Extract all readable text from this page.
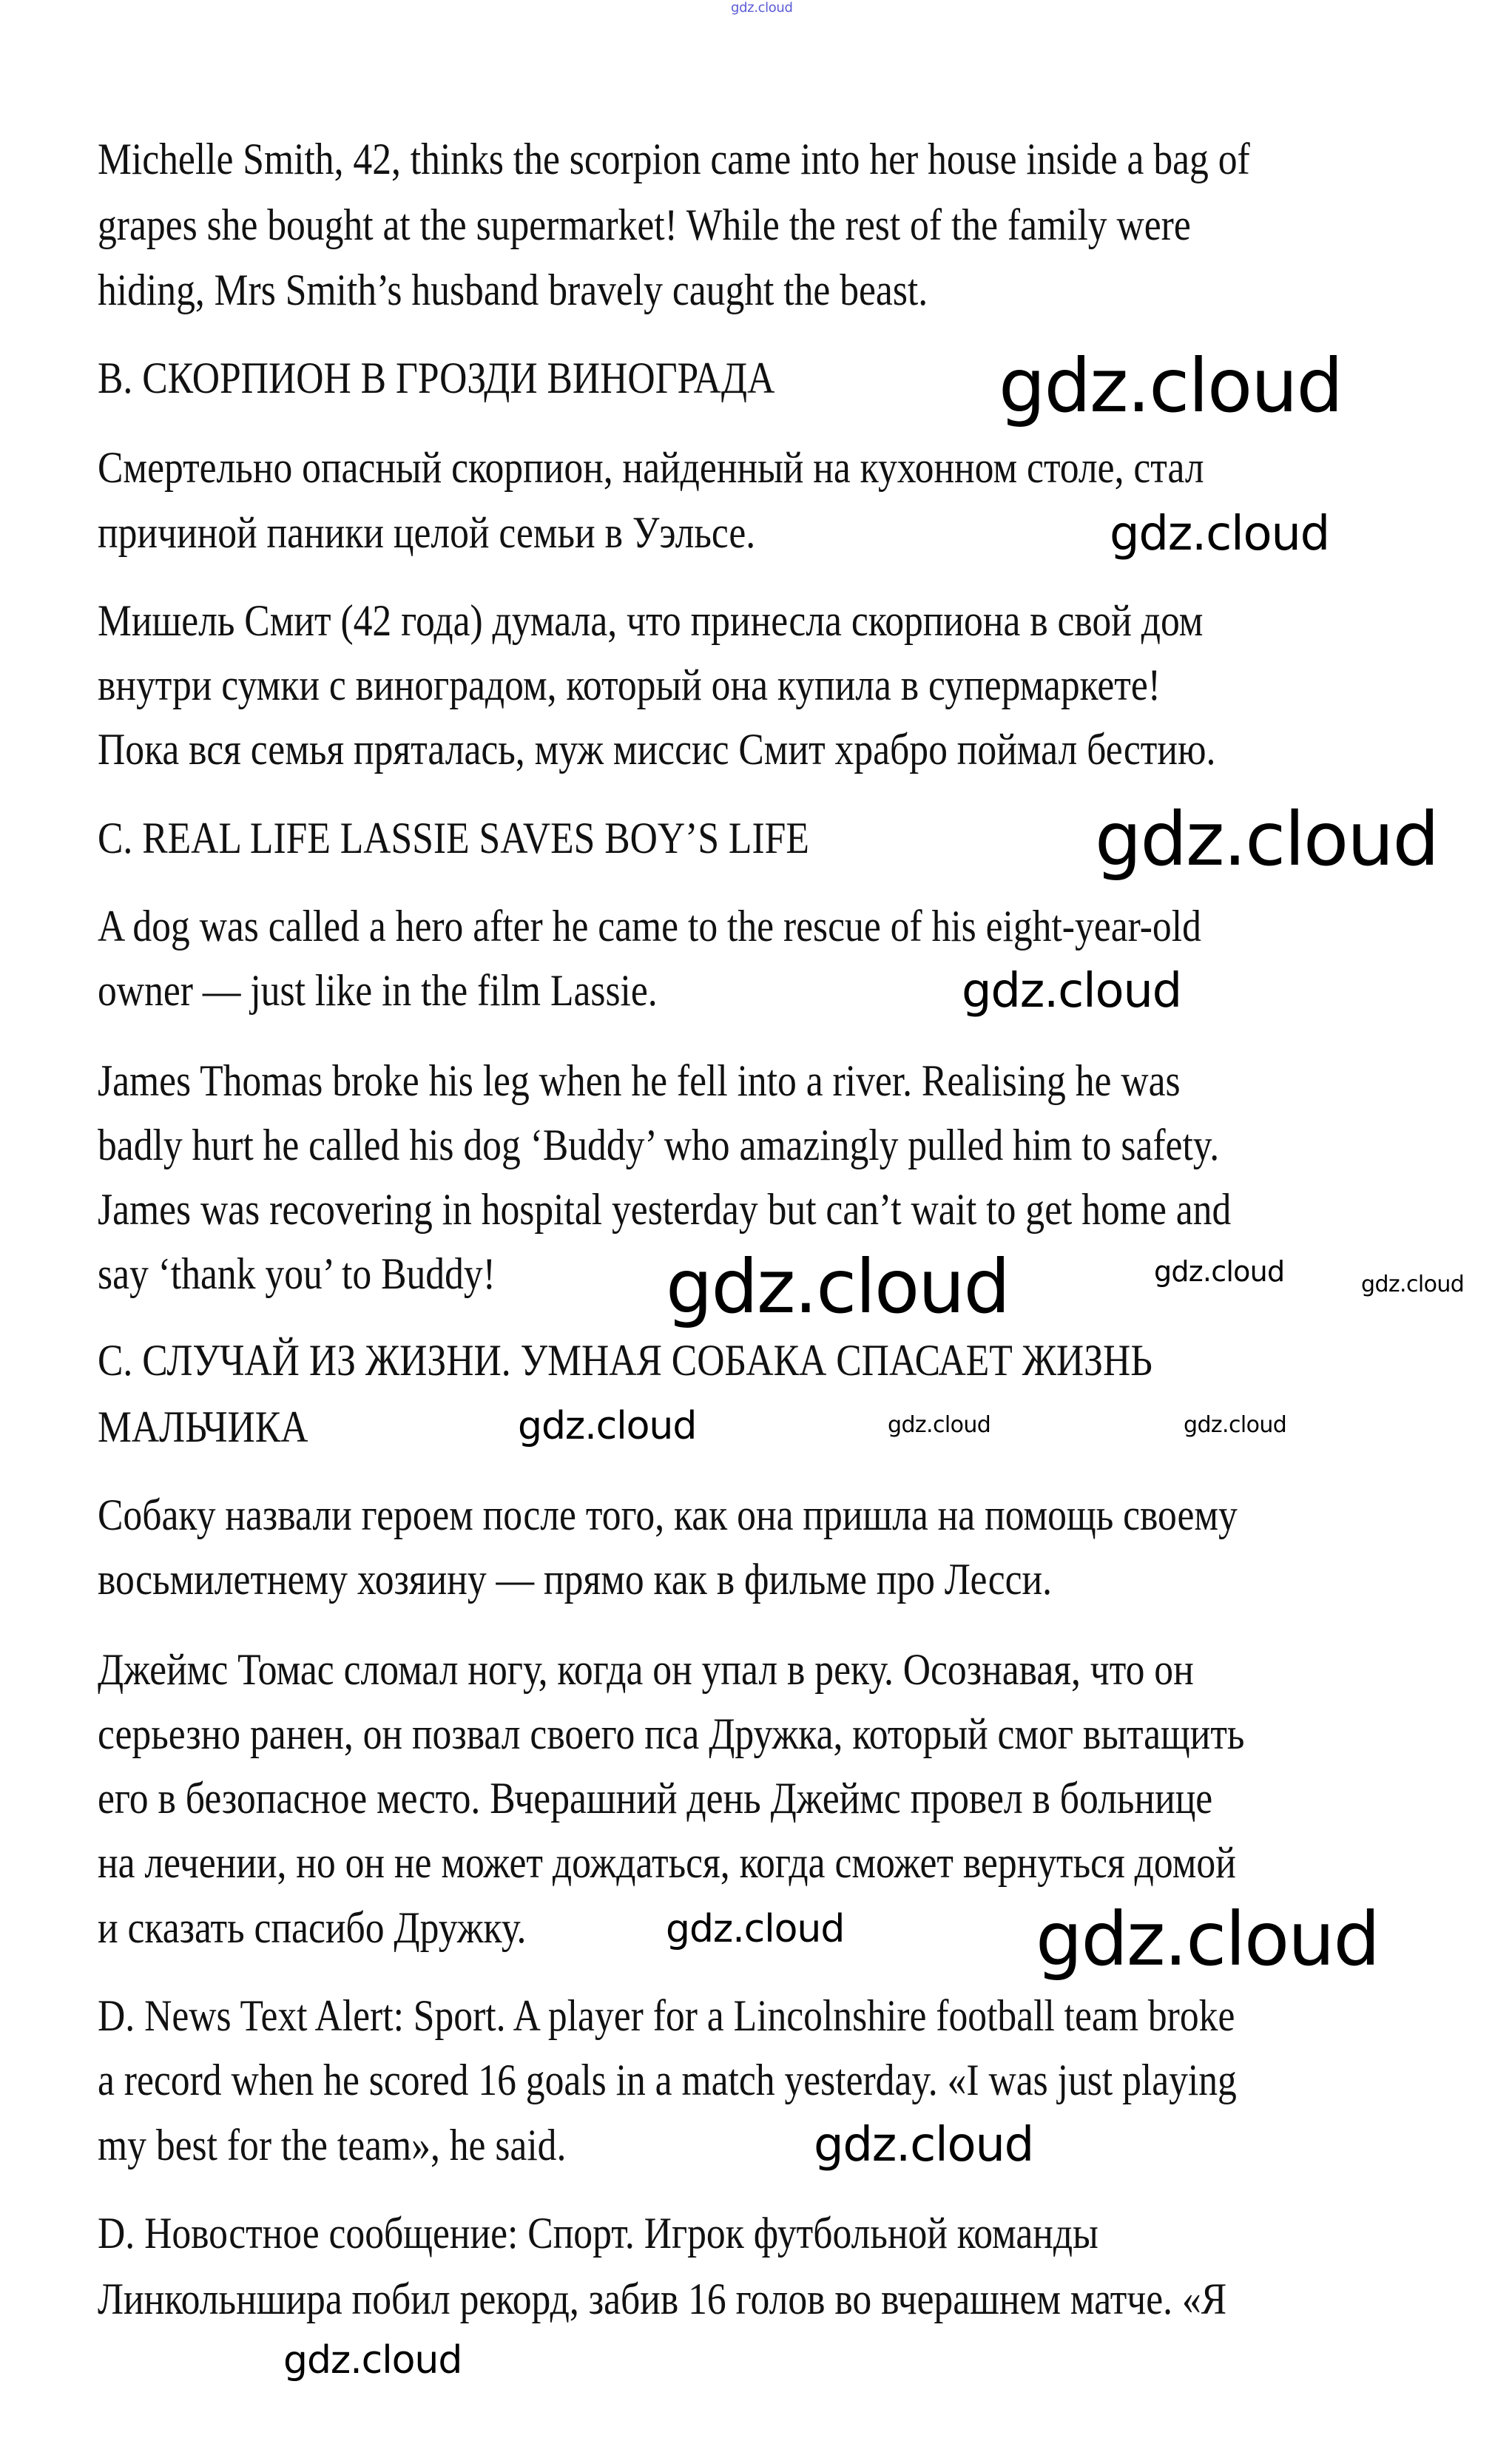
Michelle Smith, 42, thinks the scorpion came into her house inside a bag of
grapes she bought at the supermarket! While the rest of the family were
hiding, Mrs Smith’s husband bravely caught the beast.
B. СКОРПИОН В ГРОЗДИ ВИНОГРАДА
Смертельно опасный скорпион, найденный на кухонном столе, стал
причиной паники целой семьи в Уэльсе.
Мишель Смит (42 года) думала, что принесла скорпиона в свой дом
внутри сумки с виноградом, который она купила в супермаркете!
Пока вся семья пряталась, муж миссис Смит храбро поймал бестию.
C. REAL LIFE LASSIE SAVES BOY’S LIFE
A dog was called a hero after he came to the rescue of his eight-year-old
owner — just like in the film Lassie.
James Thomas broke his leg when he fell into a river. Realising he was
badly hurt he called his dog ‘Buddy’ who amazingly pulled him to safety.
James was recovering in hospital yesterday but can’t wait to get home and
say ‘thank you’ to Buddy!
C. СЛУЧАЙ ИЗ ЖИЗНИ. УМНАЯ СОБАКА СПАСАЕТ ЖИЗНЬ
МАЛЬЧИКА
Собаку назвали героем после того, как она пришла на помощь своему
восьмилетнему хозяину — прямо как в фильме про Лесси.
Джеймс Томас сломал ногу, когда он упал в реку. Осознавая, что он
серьезно ранен, он позвал своего пса Дружка, который смог вытащить
его в безопасное место. Вчерашний день Джеймс провел в больнице
на лечении, но он не может дождаться, когда сможет вернуться домой
и сказать спасибо Дружку.
D. News Text Alert: Sport. A player for a Lincolnshire football team broke
a record when he scored 16 goals in a match yesterday. «I was just playing
my best for the team», he said.
D. Новостное сообщение: Спорт. Игрок футбольной команды
Линкольншира побил рекорд, забив 16 голов во вчерашнем матче. «Я
gdz.cloud
gdz.cloud
gdz.cloud
gdz.cloud
gdz.cloud
gdz.cloud
gdz.cloud	gdz.cloud
gdz.cloud	gdz.cloud	gdz.cloud
gdz.cloud	gdz.cloud
gdz.cloud
gdz.cloud
